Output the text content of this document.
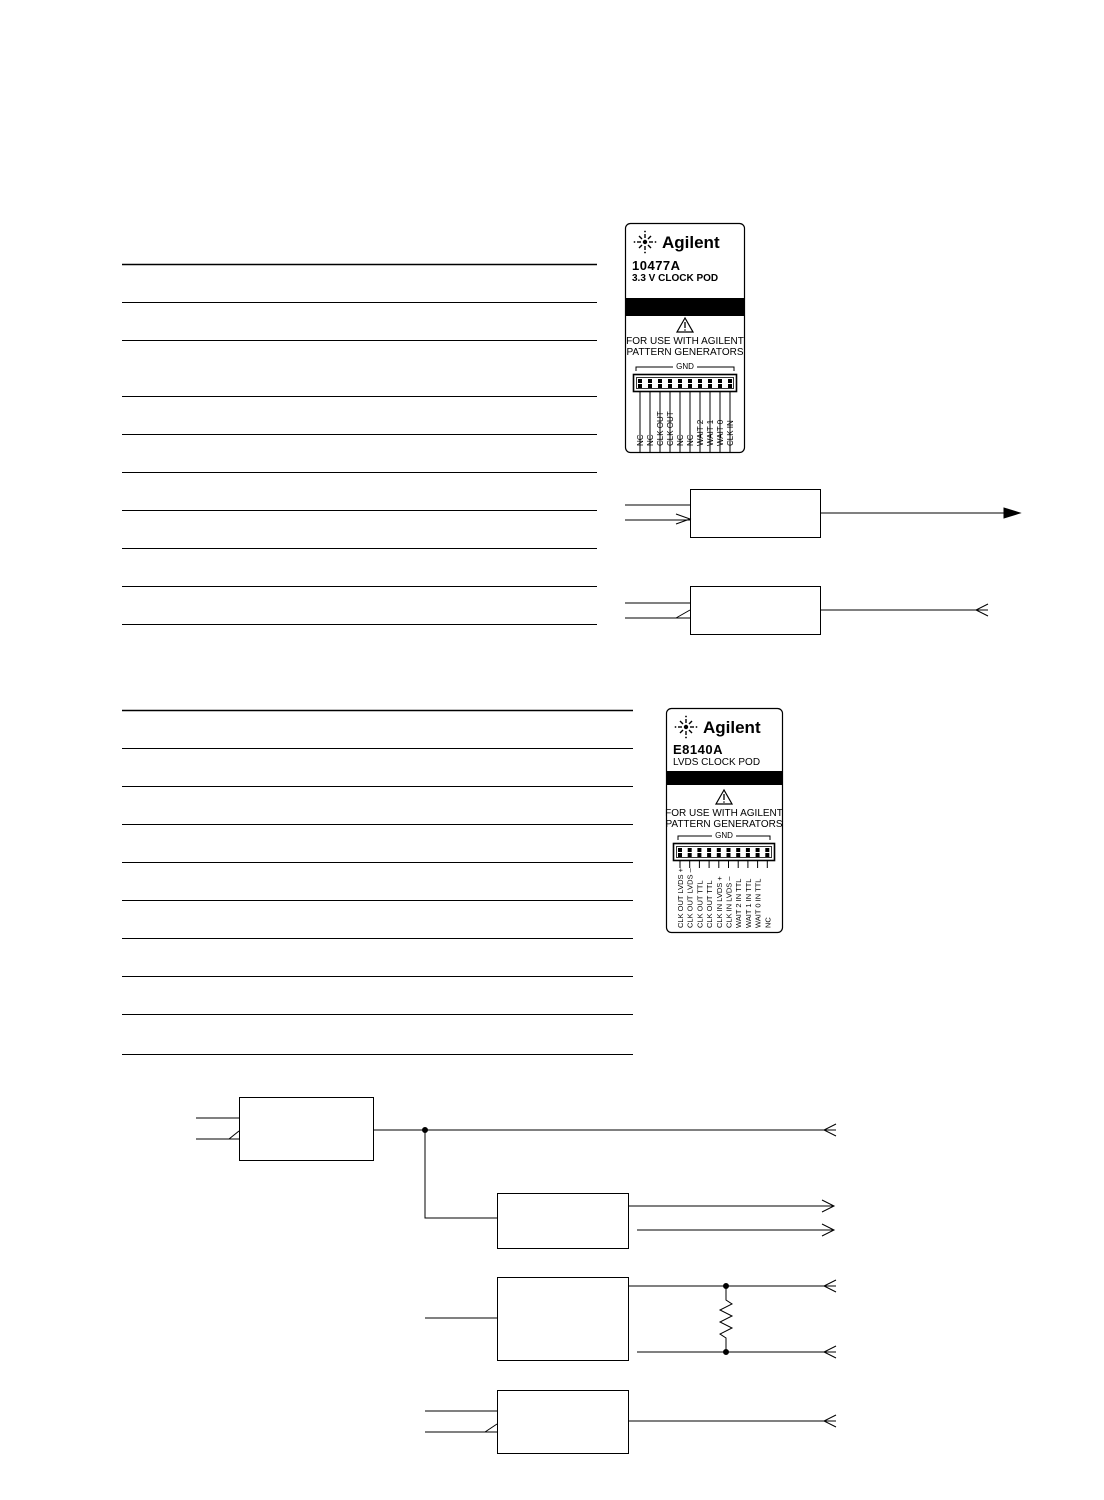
Agilent
10477A
3.3 V CLOCK POD
FOR USE WITH AGILENT
PATTERN GENERATORS
GND
NC NC CLK OUT CLK OUT NC NC WAIT 2 WAIT 1 WAIT 0 CLK IN
Agilent
E8140A
LVDS CLOCK POD
FOR USE WITH AGILENT
PATTERN GENERATORS
GND
CLK OUT LVDS + CLK OUT LVDS – CLK OUT TTL CLK OUT TTL CLK IN LVDS + CLK IN LVDS – WAIT 2 IN TTL WAIT 1 IN TTL WAIT 0 IN TTL NC
